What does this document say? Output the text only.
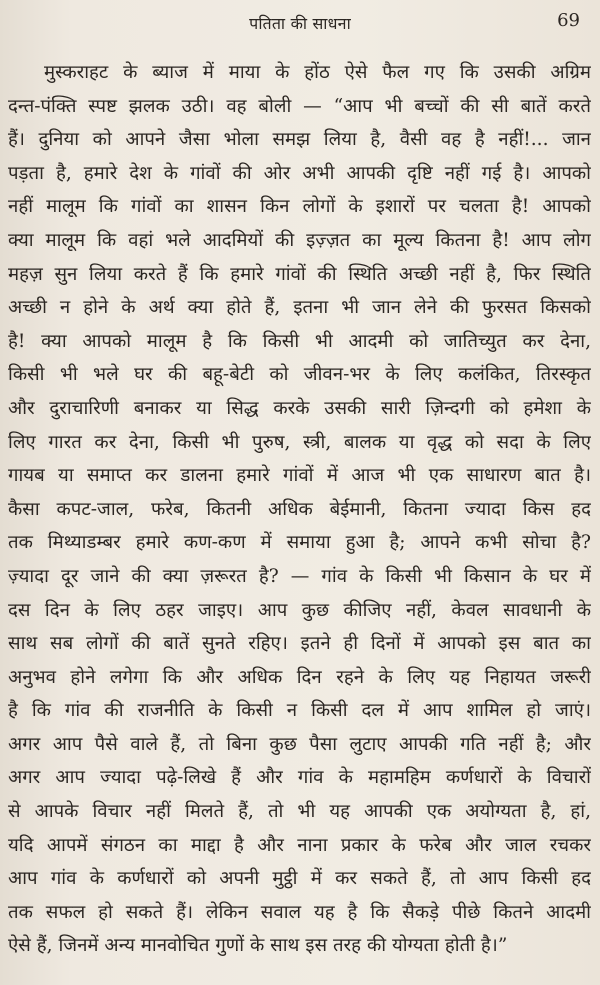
पतिता की साधना	69
मुस्कराहट के ब्याज में माया के होंठ ऐसे फैल गए कि उसकी अग्रिम
दन्त-पंक्ति स्पष्ट झलक उठी। वह बोली — “आप भी बच्चों की सी बातें करते
हैं। दुनिया को आपने जैसा भोला समझ लिया है, वैसी वह है नहीं!... जान
पड़ता है, हमारे देश के गांवों की ओर अभी आपकी दृष्टि नहीं गई है। आपको
नहीं मालूम कि गांवों का शासन किन लोगों के इशारों पर चलता है! आपको
क्या मालूम कि वहां भले आदमियों की इज़्ज़त का मूल्य कितना है! आप लोग
महज़ सुन लिया करते हैं कि हमारे गांवों की स्थिति अच्छी नहीं है, फिर स्थिति
अच्छी न होने के अर्थ क्या होते हैं, इतना भी जान लेने की फुरसत किसको
है! क्या आपको मालूम है कि किसी भी आदमी को जातिच्युत कर देना,
किसी भी भले घर की बहू-बेटी को जीवन-भर के लिए कलंकित, तिरस्कृत
और दुराचारिणी बनाकर या सिद्ध करके उसकी सारी ज़िन्दगी को हमेशा के
लिए गारत कर देना, किसी भी पुरुष, स्त्री, बालक या वृद्ध को सदा के लिए
गायब या समाप्त कर डालना हमारे गांवों में आज भी एक साधारण बात है।
कैसा कपट-जाल, फरेब, कितनी अधिक बेईमानी, कितना ज्यादा किस हद
तक मिथ्याडम्बर हमारे कण-कण में समाया हुआ है; आपने कभी सोचा है?
ज़्यादा दूर जाने की क्या ज़रूरत है? — गांव के किसी भी किसान के घर में
दस दिन के लिए ठहर जाइए। आप कुछ कीजिए नहीं, केवल सावधानी के
साथ सब लोगों की बातें सुनते रहिए। इतने ही दिनों में आपको इस बात का
अनुभव होने लगेगा कि और अधिक दिन रहने के लिए यह निहायत जरूरी
है कि गांव की राजनीति के किसी न किसी दल में आप शामिल हो जाएं।
अगर आप पैसे वाले हैं, तो बिना कुछ पैसा लुटाए आपकी गति नहीं है; और
अगर आप ज्यादा पढ़े-लिखे हैं और गांव के महामहिम कर्णधारों के विचारों
से आपके विचार नहीं मिलते हैं, तो भी यह आपकी एक अयोग्यता है, हां,
यदि आपमें संगठन का माद्दा है और नाना प्रकार के फरेब और जाल रचकर
आप गांव के कर्णधारों को अपनी मुट्ठी में कर सकते हैं, तो आप किसी हद
तक सफल हो सकते हैं। लेकिन सवाल यह है कि सैकड़े पीछे कितने आदमी
ऐसे हैं, जिनमें अन्य मानवोचित गुणों के साथ इस तरह की योग्यता होती है।”
